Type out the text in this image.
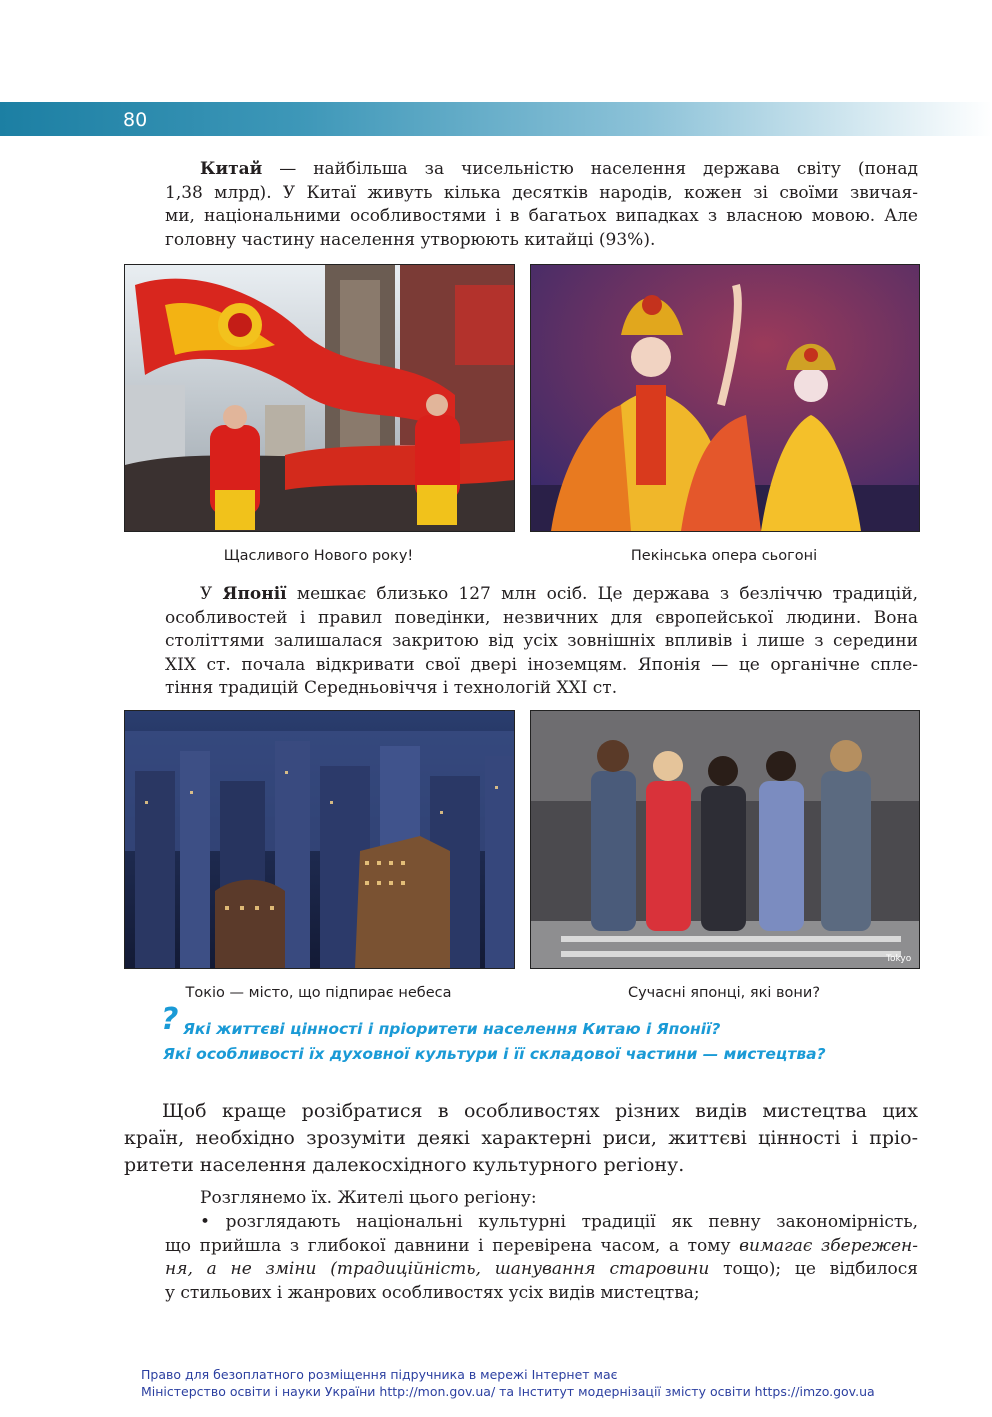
80
Китай — найбільша за чисельністю населення держава світу (понад
1,38 млрд). У Китаї живуть кілька десятків народів, кожен зі своїми звичая-
ми, національними особливостями і в багатьох випадках з власною мовою. Але
головну частину населення утворюють китайці (93%).
Щасливого Нового року!	Пекінська опера сьогоні
У Японії мешкає близько 127 млн осіб. Це держава з безліччю традицій,
особливостей і правил поведінки, незвичних для європейської людини. Вона
століттями залишалася закритою від усіх зовнішніх впливів і лише з середини
XIX ст. почала відкривати свої двері іноземцям. Японія — це органічне спле-
тіння традицій Середньовіччя і технологій XXI ст.
Tokyo
Токіо — місто, що підпирає небеса	Сучасні японці, які вони?
? Які життєві цінності і пріоритети населення Китаю і Японії?
Які особливості їх духовної культури і її складової частини — мистецтва?
Щоб краще розібратися в особливостях різних видів мистецтва цих
країн, необхідно зрозуміти деякі характерні риси, життєві цінності і пріо-
ритети населення далекосхідного культурного регіону.
Розглянемо їх. Жителі цього регіону:
• розглядають національні культурні традиції як певну закономірність,
що прийшла з глибокої давнини і перевірена часом, а тому вимагає збережен-
ня, а не зміни (традиційність, шанування старовини тощо); це відбилося
у стильових і жанрових особливостях усіх видів мистецтва;
Право для безоплатного розміщення підручника в мережі Інтернет має
Міністерство освіти і науки України http://mon.gov.ua/ та Інститут модернізації змісту освіти https://imzo.gov.ua
